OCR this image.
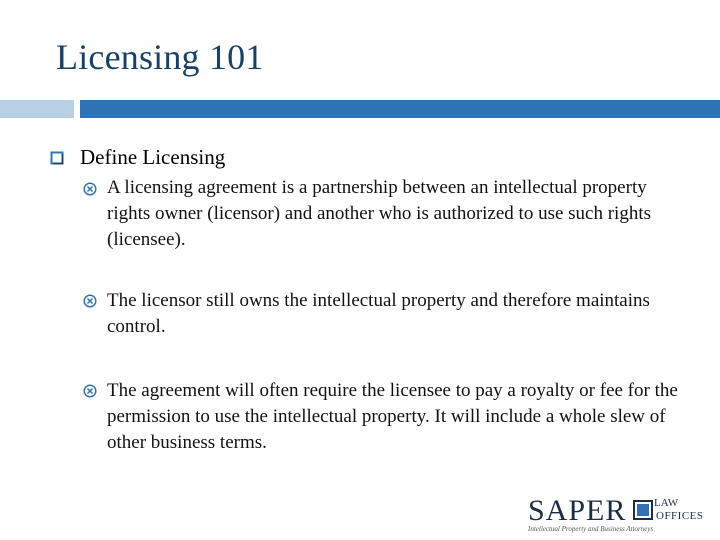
Licensing 101
Define Licensing
A licensing agreement is a partnership between an intellectual property rights owner (licensor) and another who is authorized to use such rights (licensee).
The licensor still owns the intellectual property and therefore maintains control.
The agreement will often require the licensee to pay a royalty or fee for the permission to use the intellectual property. It will include a whole slew of other business terms.
SAPER	LAW
OFFICES
Intellectual Property and Business Attorneys
